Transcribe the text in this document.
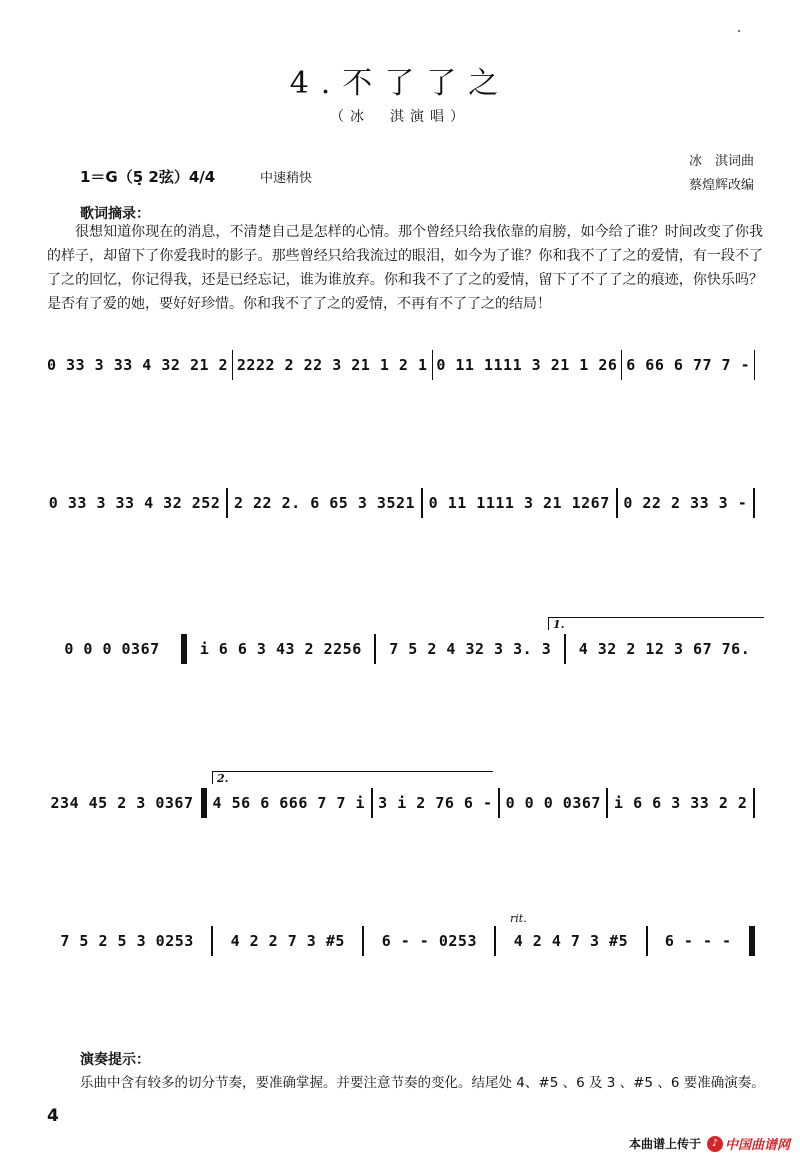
4.不了了之
（冰　淇演唱）
1＝G（5̣ 2弦）4/4	中速稍快
冰　淇词曲
蔡煌辉改编
歌词摘录：

很想知道你现在的消息，不清楚自己是怎样的心情。那个曾经只给我依靠的肩膀，如今给了谁？时间改变了你我的样子，却留下了你爱我时的影子。那些曾经只给我流过的眼泪，如今为了谁？你和我不了了之的爱情，有一段不了了之的回忆，你记得我，还是已经忘记，谁为谁放弃。你和我不了了之的爱情，留下了不了了之的痕迹，你快乐吗？是否有了爱的她，要好好珍惜。你和我不了了之的爱情，不再有不了了之的结局！

0 33 3 33 4 32 21 2 2222 2 22 3 21 1 2 1 0 11 1111 3 21 1 26 6 66 6 77 7 -
0 33 3 33 4 32 252 2 22 2. 6 65 3 3521 0 11 1111 3 21 1267 0 22 2 33 3 -
1.
0 0 0 0367	i 6 6 3 43 2 2256	7 5 2 4 32 3 3. 3	4 32 2 12 3 67 76.
2.
234 45 2 3 0367 4 56 6 666 7 7 i 3 i 2 76 6 - 0 0 0 0367 i 6 6 3 33 2 2
rit.
7 5 2 5 3 0253	4 2 2 7 3 #5	6 - - 0253	4 2 4 7 3 #5	6 - - -
演奏提示：
乐曲中含有较多的切分节奏，要准确掌握。并要注意节奏的变化。结尾处 4、#5 、6 及 3 、#5 、6 要准确演奏。
4
本曲谱上传于	♪ 中国曲谱网
